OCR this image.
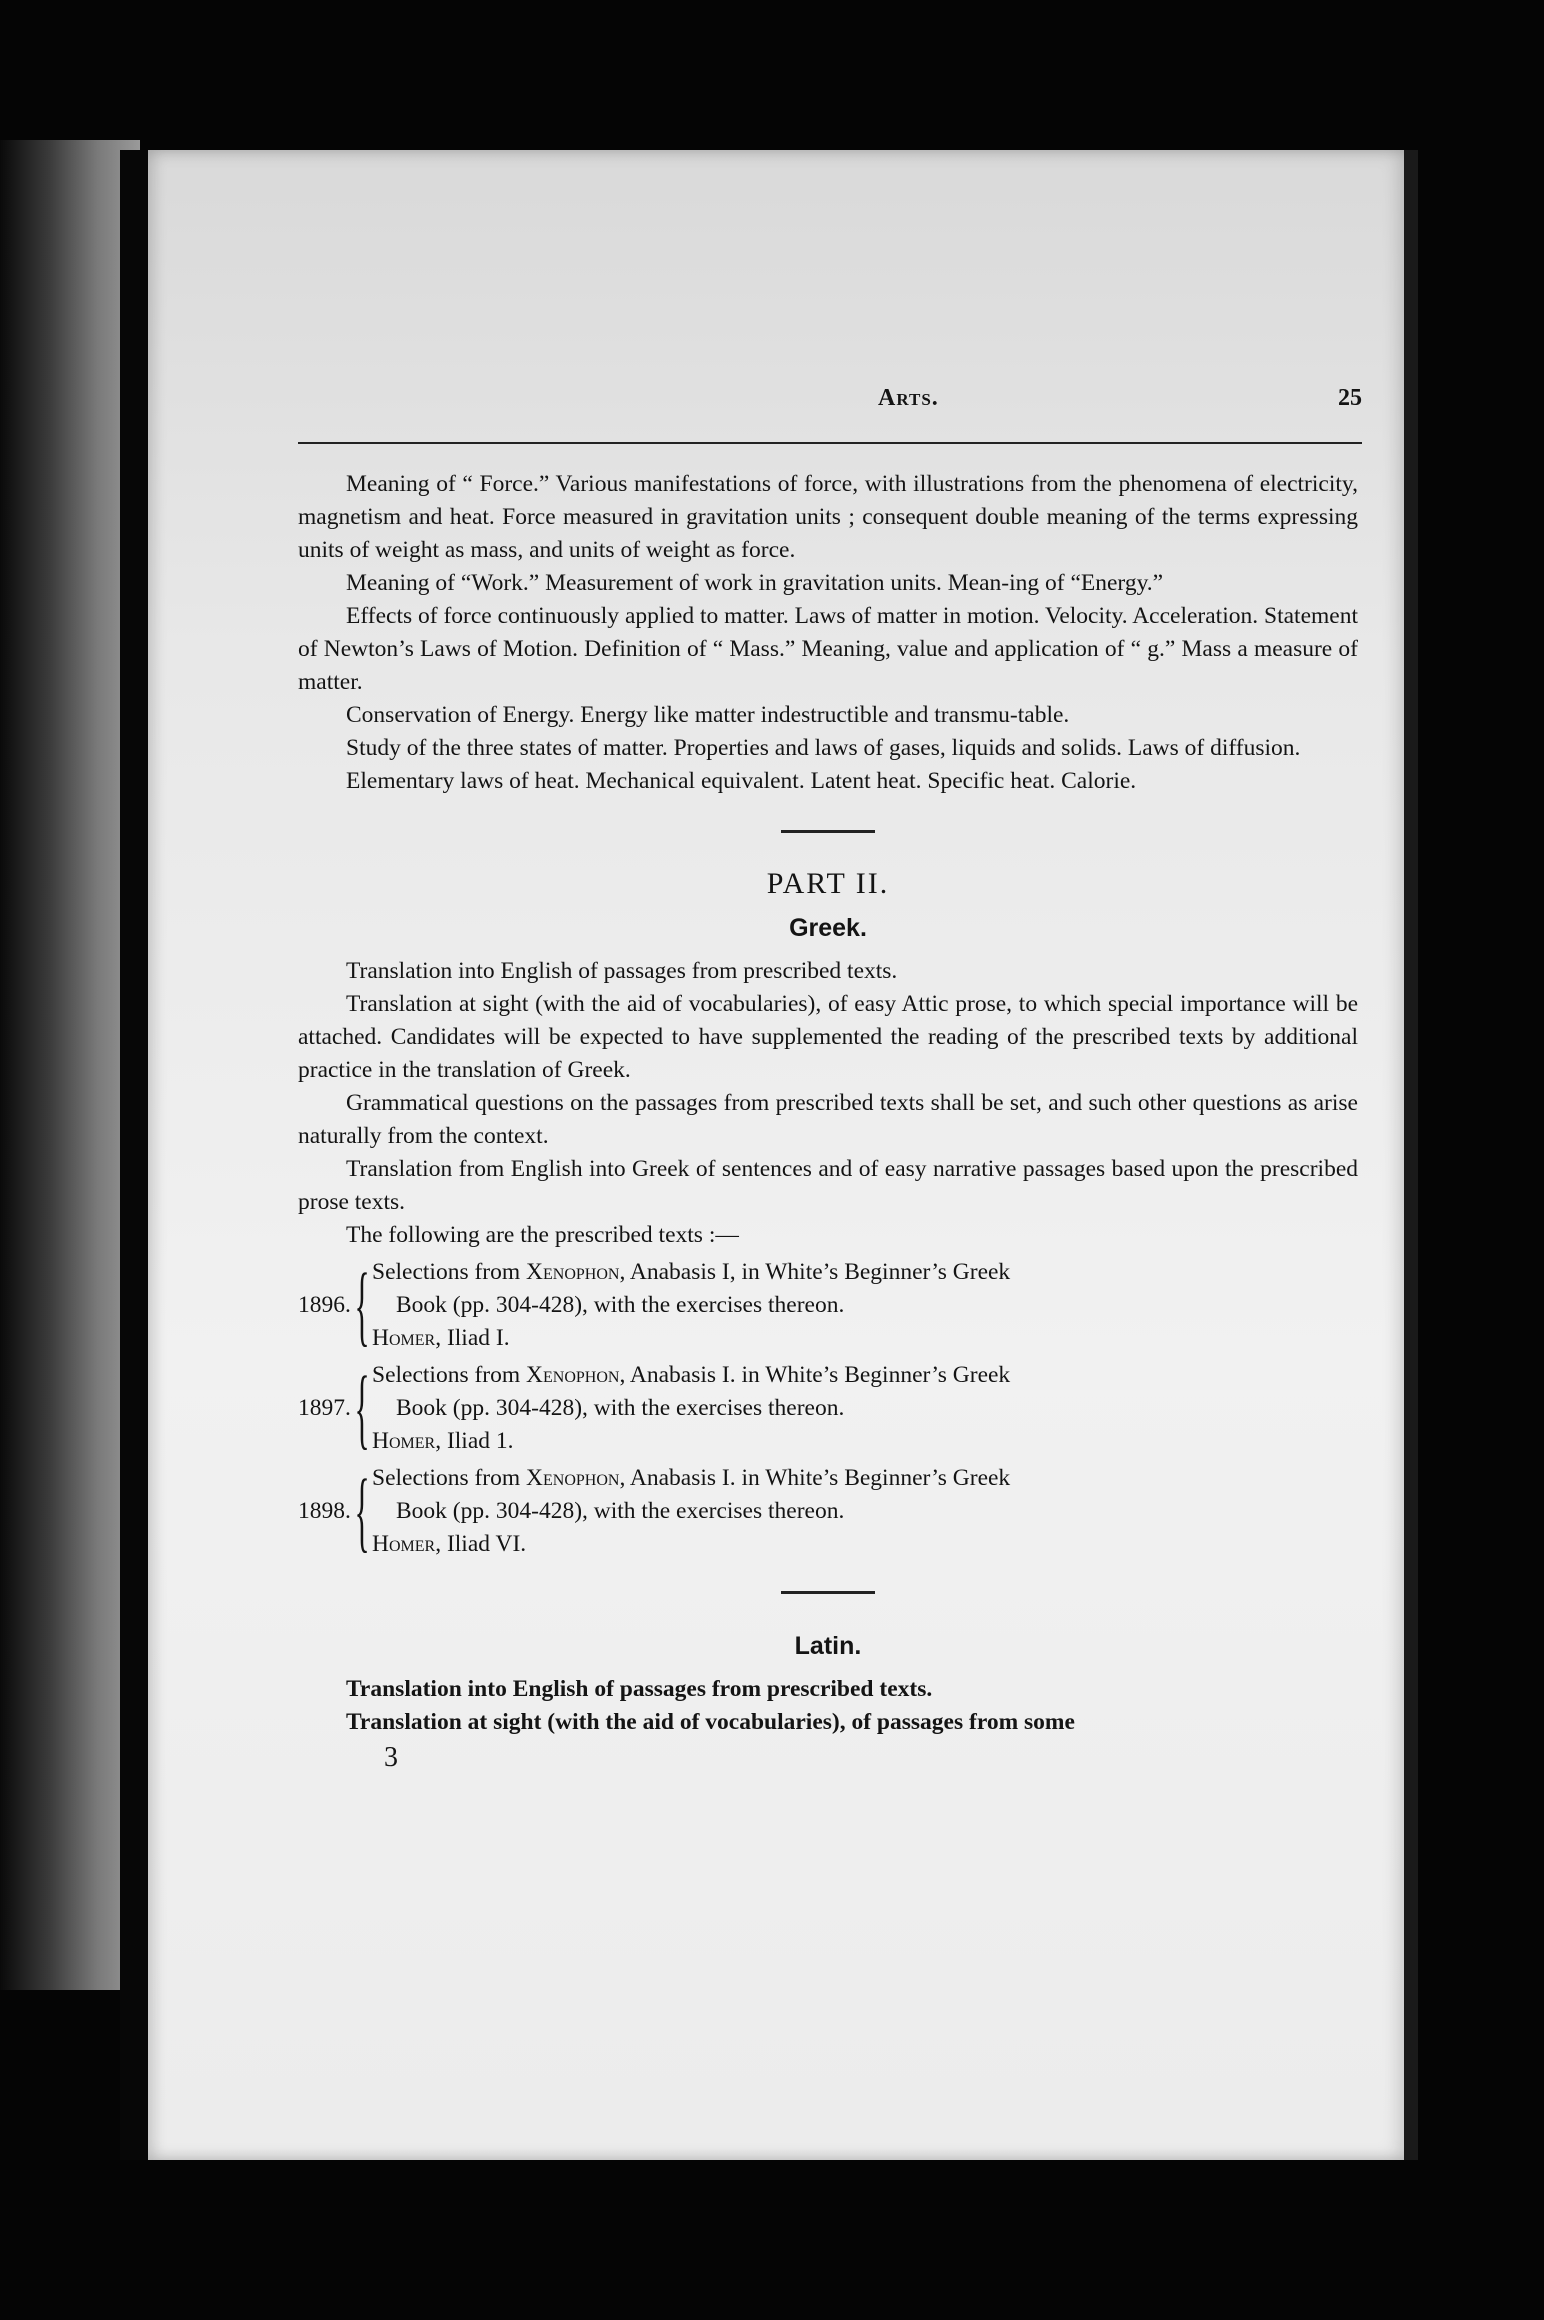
Arts.	25

Meaning of “ Force.” Various manifestations of force, with illustrations from the phenomena of electricity, magnetism and heat. Force measured in gravitation units ; consequent double meaning of the terms expressing units of weight as mass, and units of weight as force.

Meaning of “Work.” Measurement of work in gravitation units. Mean-ing of “Energy.”

Effects of force continuously applied to matter. Laws of matter in motion. Velocity. Acceleration. Statement of Newton’s Laws of Motion. Definition of “ Mass.” Meaning, value and application of “ g.” Mass a measure of matter.

Conservation of Energy. Energy like matter indestructible and transmu-table.

Study of the three states of matter. Properties and laws of gases, liquids and solids. Laws of diffusion.

Elementary laws of heat. Mechanical equivalent. Latent heat. Specific heat. Calorie.

PART II.
Greek.

Translation into English of passages from prescribed texts.

Translation at sight (with the aid of vocabularies), of easy Attic prose, to which special importance will be attached. Candidates will be expected to have supplemented the reading of the prescribed texts by additional practice in the translation of Greek.

Grammatical questions on the passages from prescribed texts shall be set, and such other questions as arise naturally from the context.

Translation from English into Greek of sentences and of easy narrative passages based upon the prescribed prose texts.

The following are the prescribed texts :—

1896. { Selections from Xenophon, Anabasis I, in White’s Beginner’s Greek
Book (pp. 304-428), with the exercises thereon.
Homer, Iliad I.
1897. { Selections from Xenophon, Anabasis I. in White’s Beginner’s Greek
Book (pp. 304-428), with the exercises thereon.
Homer, Iliad 1.
1898. { Selections from Xenophon, Anabasis I. in White’s Beginner’s Greek
Book (pp. 304-428), with the exercises thereon.
Homer, Iliad VI.
Latin.

Translation into English of passages from prescribed texts.

Translation at sight (with the aid of vocabularies), of passages from some

3
